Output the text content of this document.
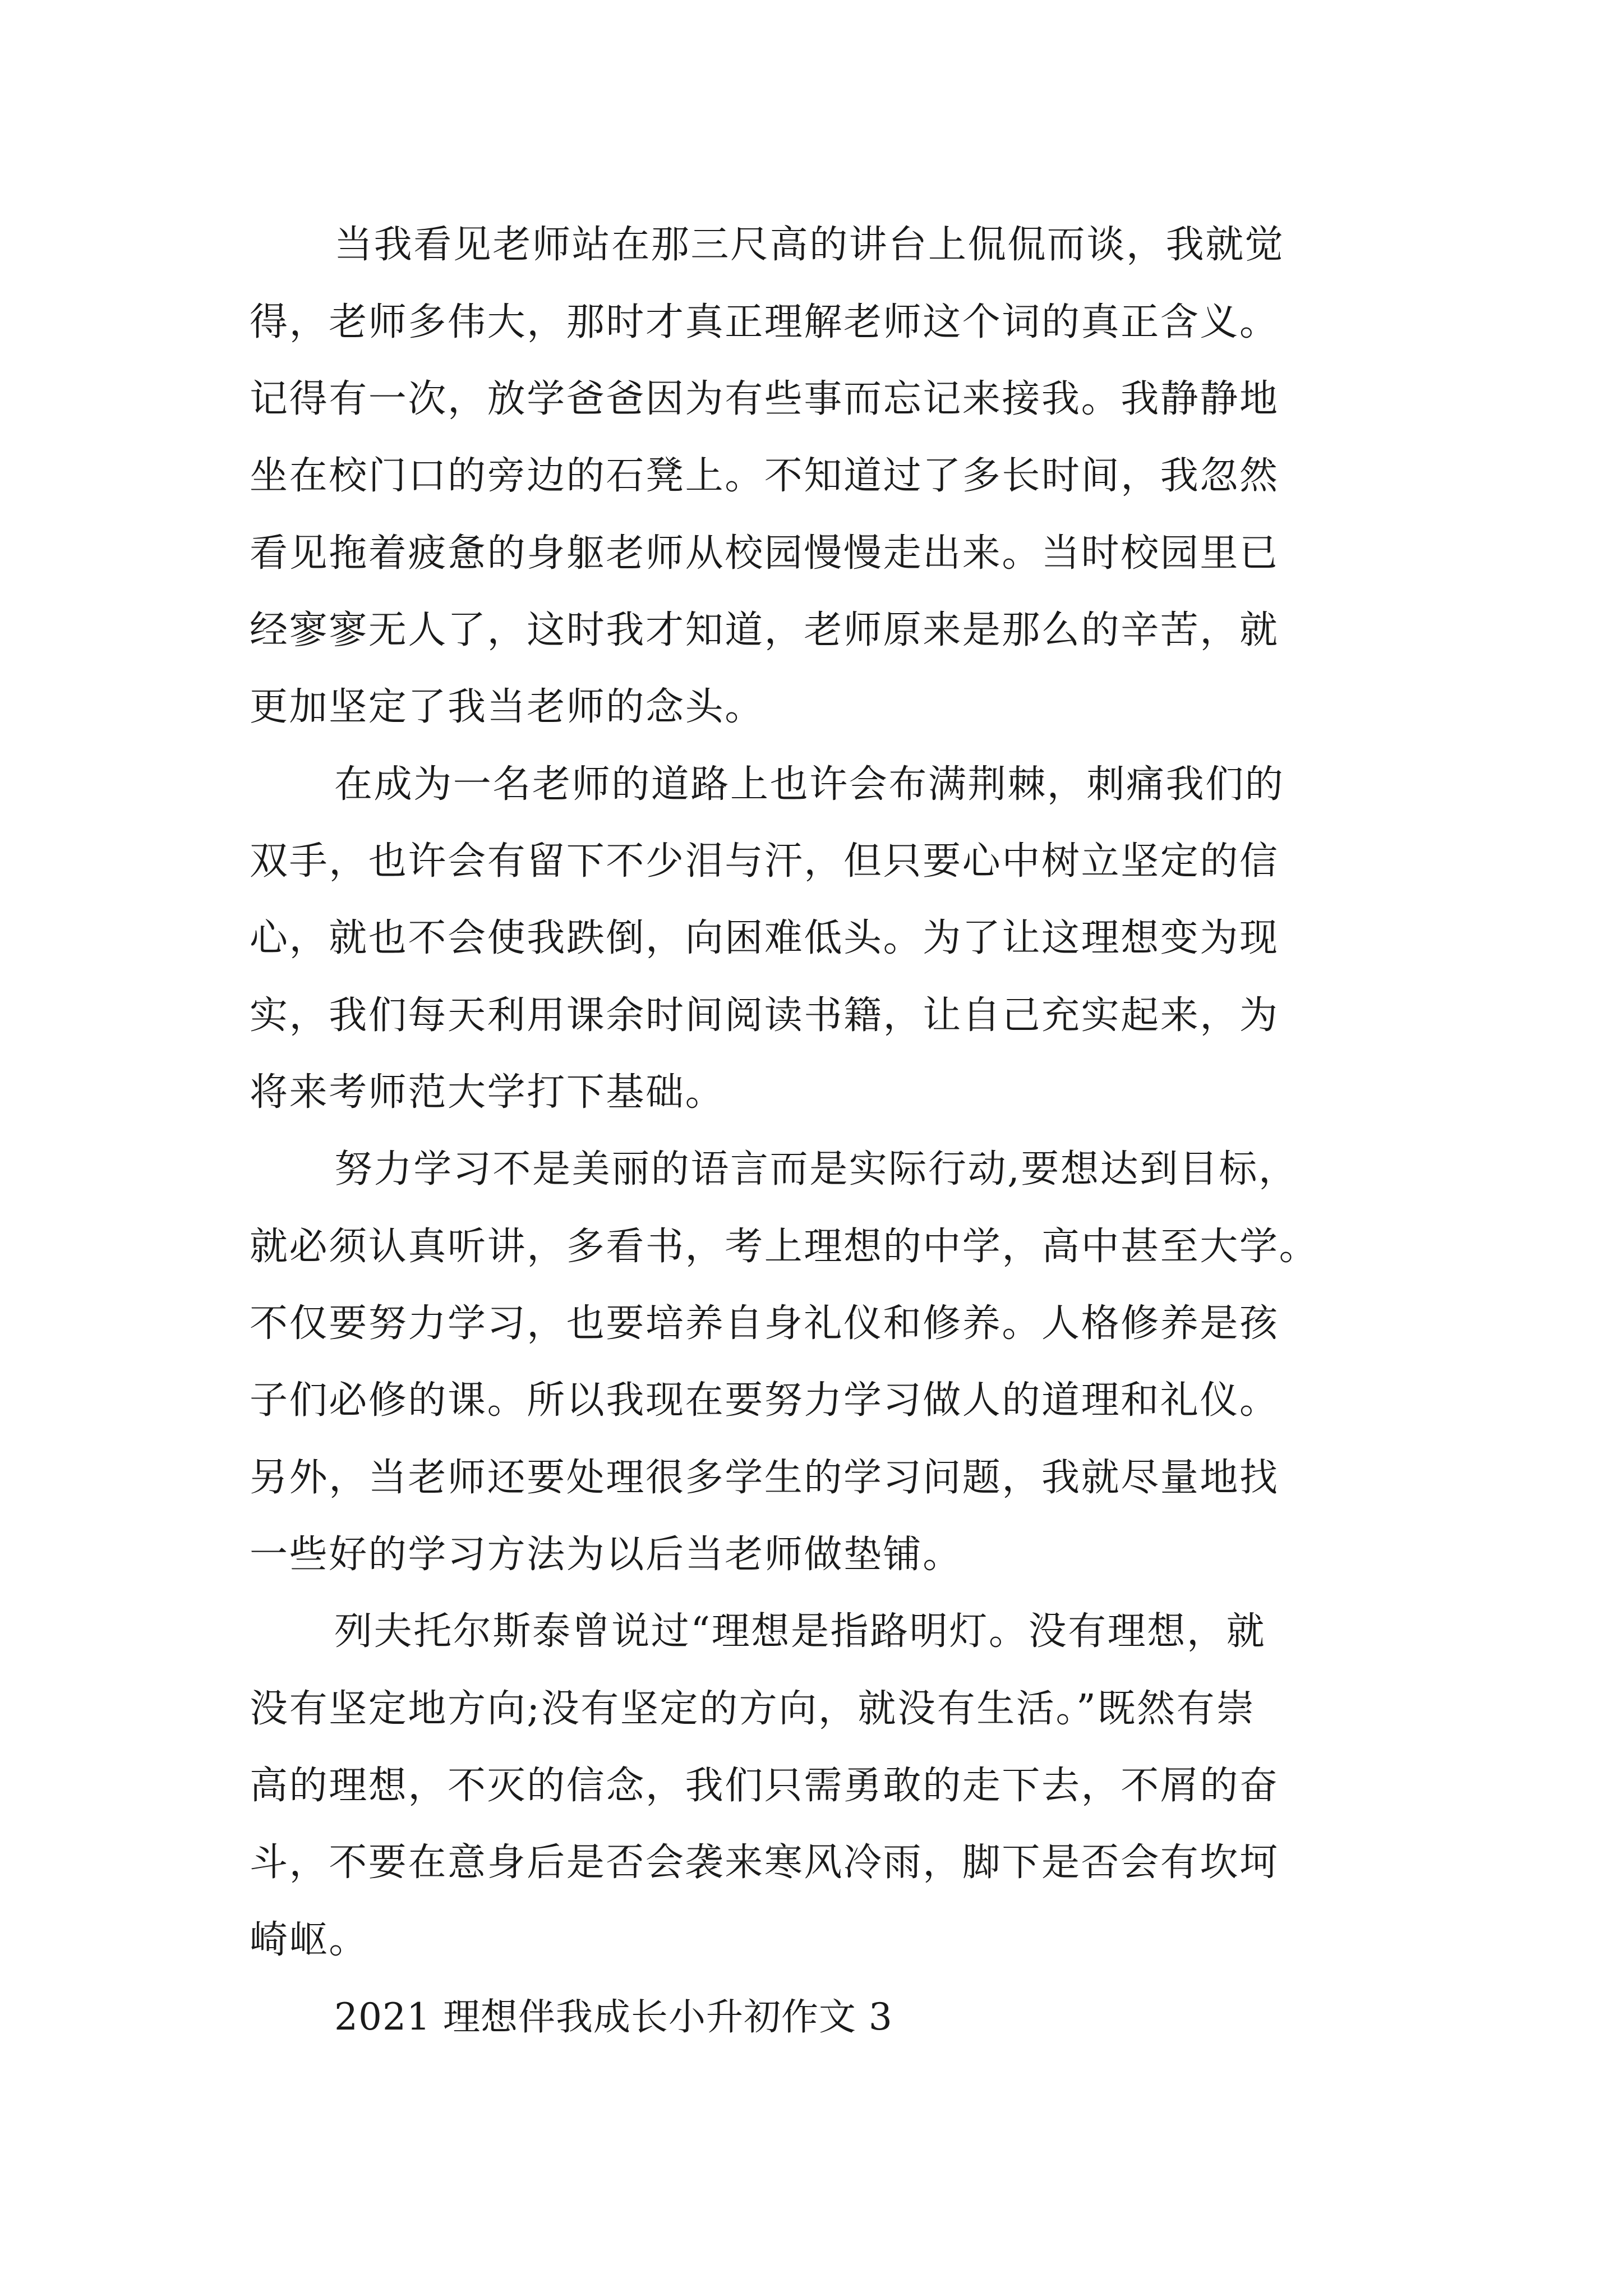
当我看见老师站在那三尺高的讲台上侃侃而谈，我就觉
得，老师多伟大，那时才真正理解老师这个词的真正含义。
记得有一次，放学爸爸因为有些事而忘记来接我。我静静地
坐在校门口的旁边的石凳上。不知道过了多长时间，我忽然
看见拖着疲惫的身躯老师从校园慢慢走出来。当时校园里已
经寥寥无人了，这时我才知道，老师原来是那么的辛苦，就
更加坚定了我当老师的念头。
在成为一名老师的道路上也许会布满荆棘，刺痛我们的
双手，也许会有留下不少泪与汗，但只要心中树立坚定的信
心，就也不会使我跌倒，向困难低头。为了让这理想变为现
实，我们每天利用课余时间阅读书籍，让自己充实起来，为
将来考师范大学打下基础。
努力学习不是美丽的语言而是实际行动,要想达到目标，
就必须认真听讲，多看书，考上理想的中学，高中甚至大学。
不仅要努力学习，也要培养自身礼仪和修养。人格修养是孩
子们必修的课。所以我现在要努力学习做人的道理和礼仪。
另外，当老师还要处理很多学生的学习问题，我就尽量地找
一些好的学习方法为以后当老师做垫铺。
列夫托尔斯泰曾说过“理想是指路明灯。没有理想，就
没有坚定地方向;没有坚定的方向，就没有生活。”既然有崇
高的理想，不灭的信念，我们只需勇敢的走下去，不屑的奋
斗，不要在意身后是否会袭来寒风冷雨，脚下是否会有坎坷
崎岖。
2021 理想伴我成长小升初作文 3
